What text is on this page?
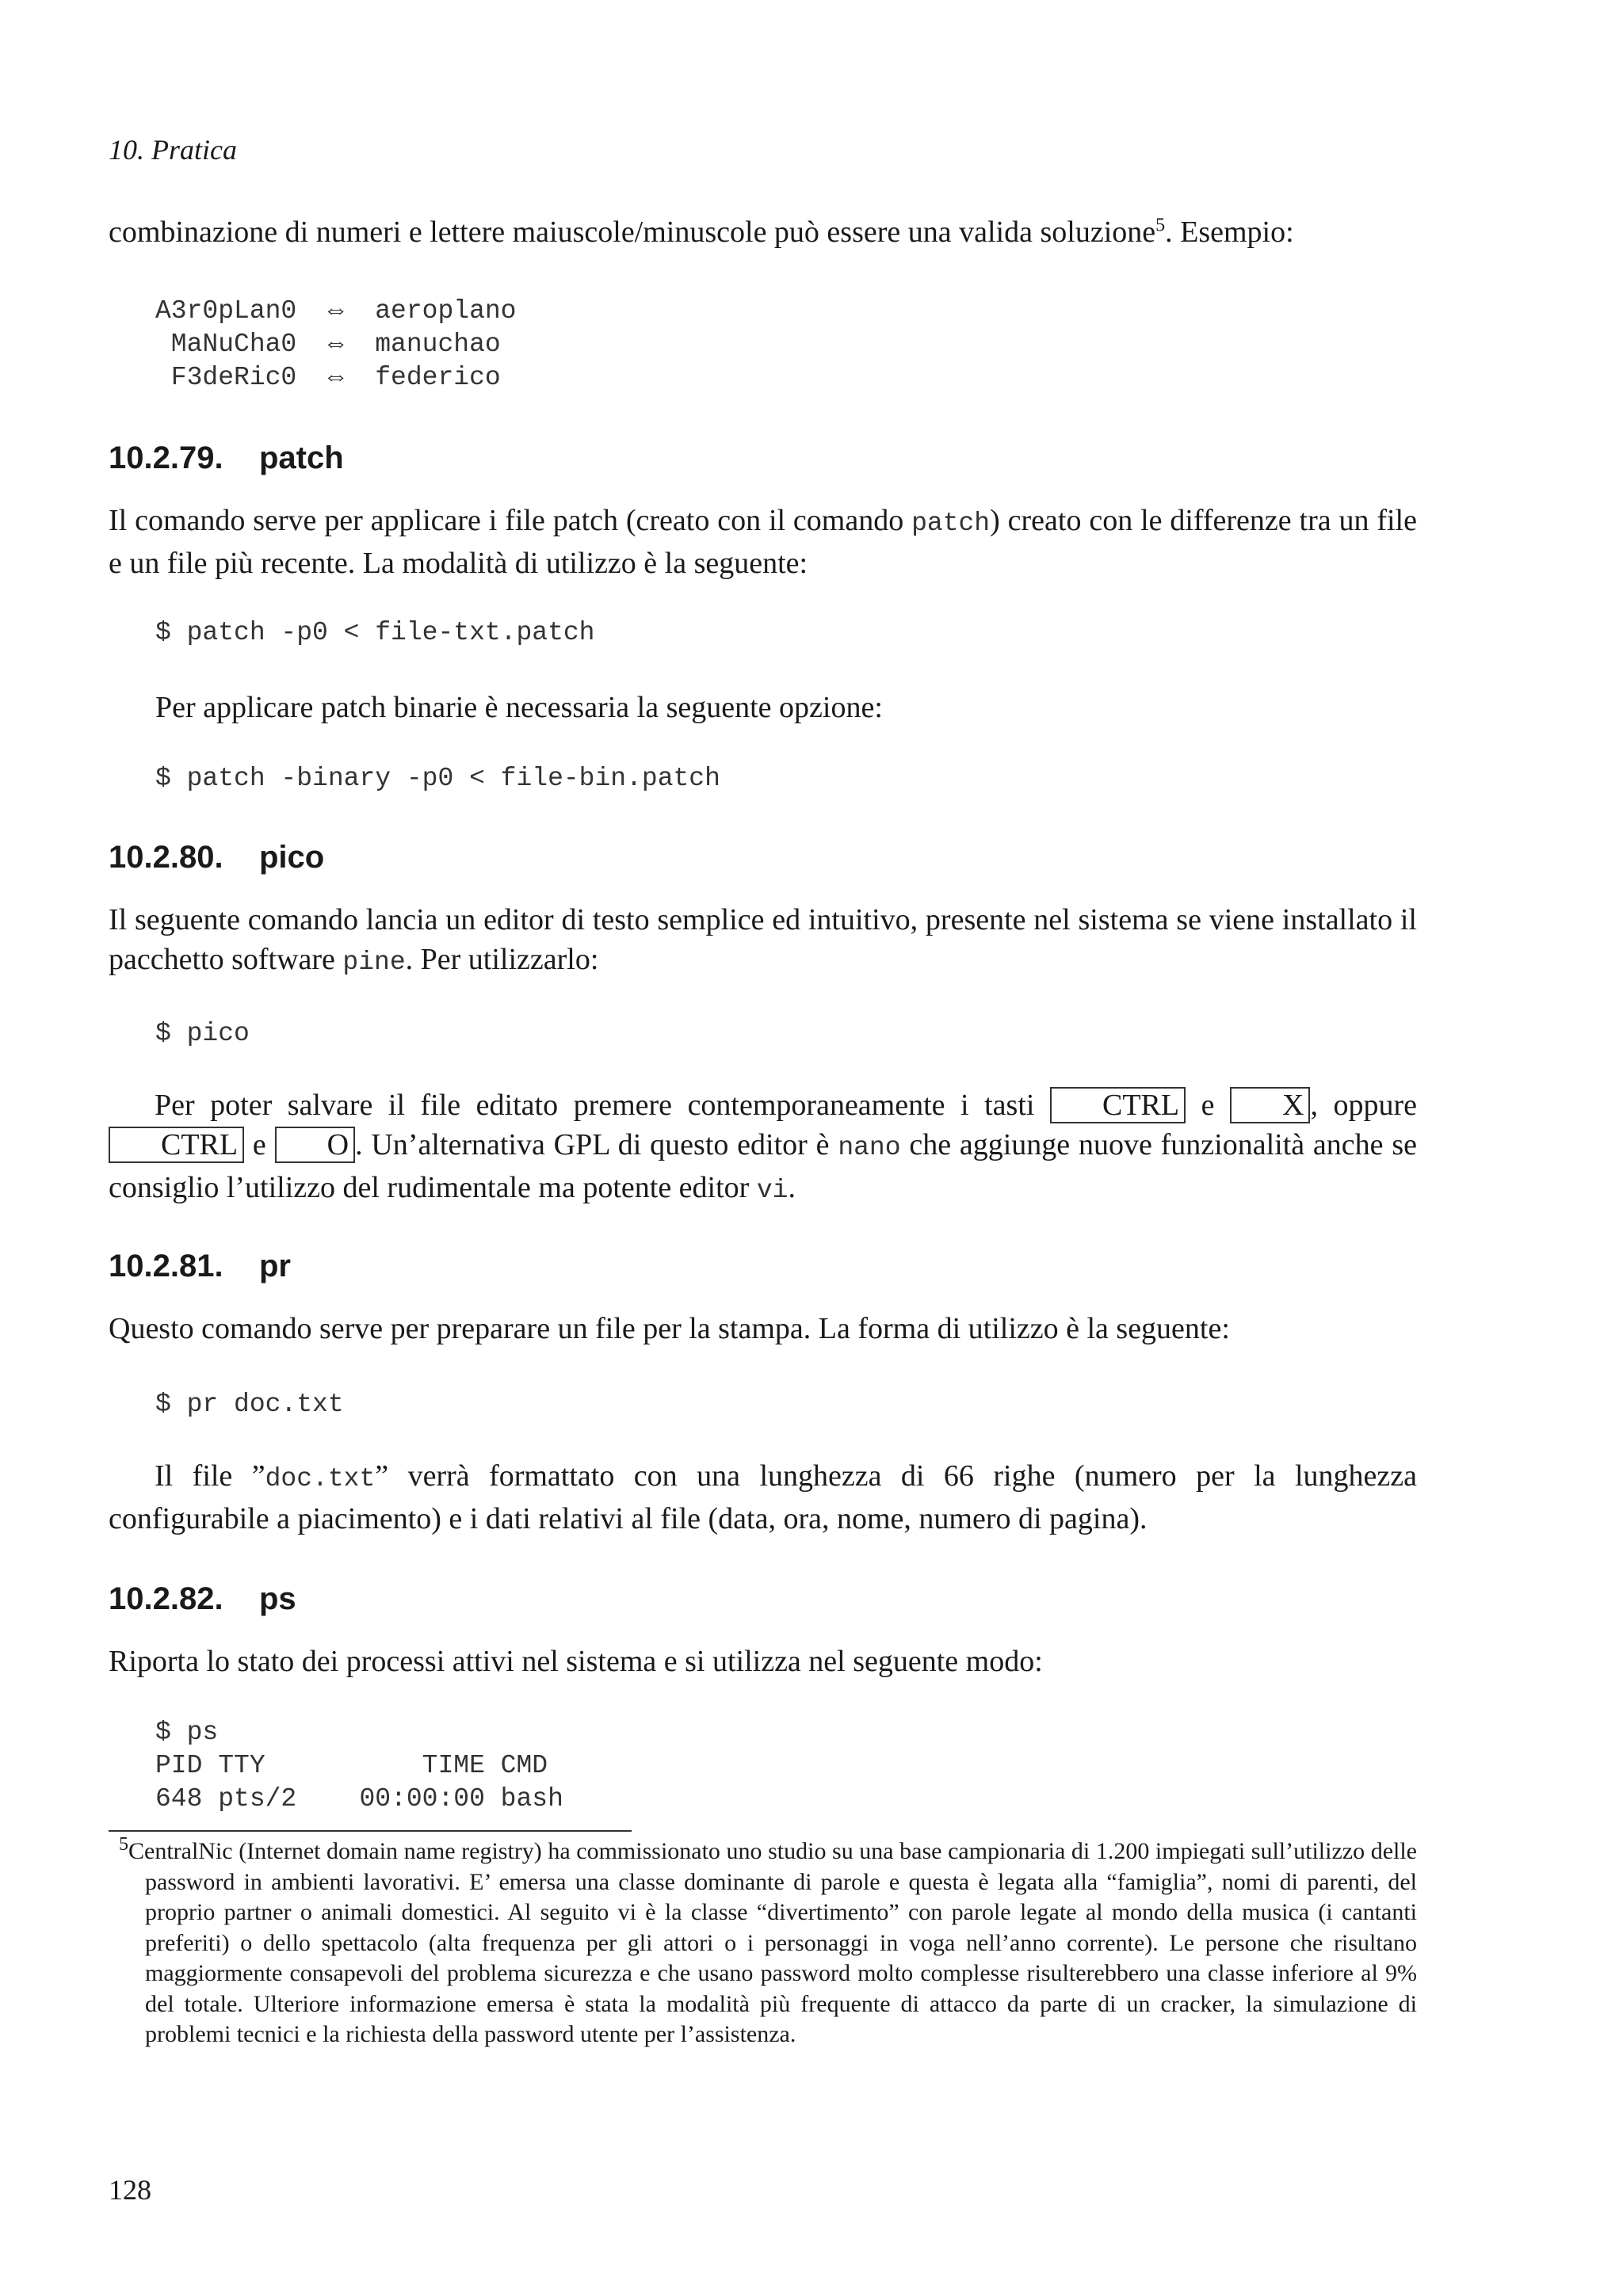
10. Pratica

combinazione di numeri e lettere maiuscole/minuscole può essere una valida soluzione$^5$. Esempio:

A3r0pLan0  ⇔  aeroplano
MaNuCha0  ⇔  manuchao
F3deRic0  ⇔  federico
10.2.79. patch

Il comando serve per applicare i file patch (creato con il comando patch) creato con le differenze tra un file e un file più recente. La modalità di utilizzo è la seguente:

$ patch -p0 < file-txt.patch

Per applicare patch binarie è necessaria la seguente opzione:

$ patch -binary -p0 < file-bin.patch
10.2.80. pico

Il seguente comando lancia un editor di testo semplice ed intuitivo, presente nel sistema se viene installato il pacchetto software pine. Per utilizzarlo:

$ pico

Per poter salvare il file editato premere contemporaneamente i tasti CTRL e X , oppure CTRL e O . Un’alternativa GPL di questo editor è nano che aggiunge nuove funzionalità anche se consiglio l’utilizzo del rudimentale ma potente editor vi.

10.2.81. pr

Questo comando serve per preparare un file per la stampa. La forma di utilizzo è la seguente:

$ pr doc.txt

Il file ”doc.txt” verrà formattato con una lunghezza di 66 righe (numero per la lunghezza configurabile a piacimento) e i dati relativi al file (data, ora, nome, numero di pagina).

10.2.82. ps

Riporta lo stato dei processi attivi nel sistema e si utilizza nel seguente modo:

$ ps
PID TTY          TIME CMD
648 pts/2    00:00:00 bash
$^5$CentralNic (Internet domain name registry) ha commissionato uno studio su una base campionaria di 1.200 impiegati sull’utilizzo delle password in ambienti lavorativi. E’ emersa una classe dominante di parole e questa è legata alla “famiglia”, nomi di parenti, del proprio partner o animali domestici. Al seguito vi è la classe “divertimento” con parole legate al mondo della musica (i cantanti preferiti) o dello spettacolo (alta frequenza per gli attori o i personaggi in voga nell’anno corrente). Le persone che risultano maggiormente consapevoli del problema sicurezza e che usano password molto complesse risulterebbero una classe inferiore al 9% del totale. Ulteriore informazione emersa è stata la modalità più frequente di attacco da parte di un cracker, la simulazione di problemi tecnici e la richiesta della password utente per l’assistenza.
128
